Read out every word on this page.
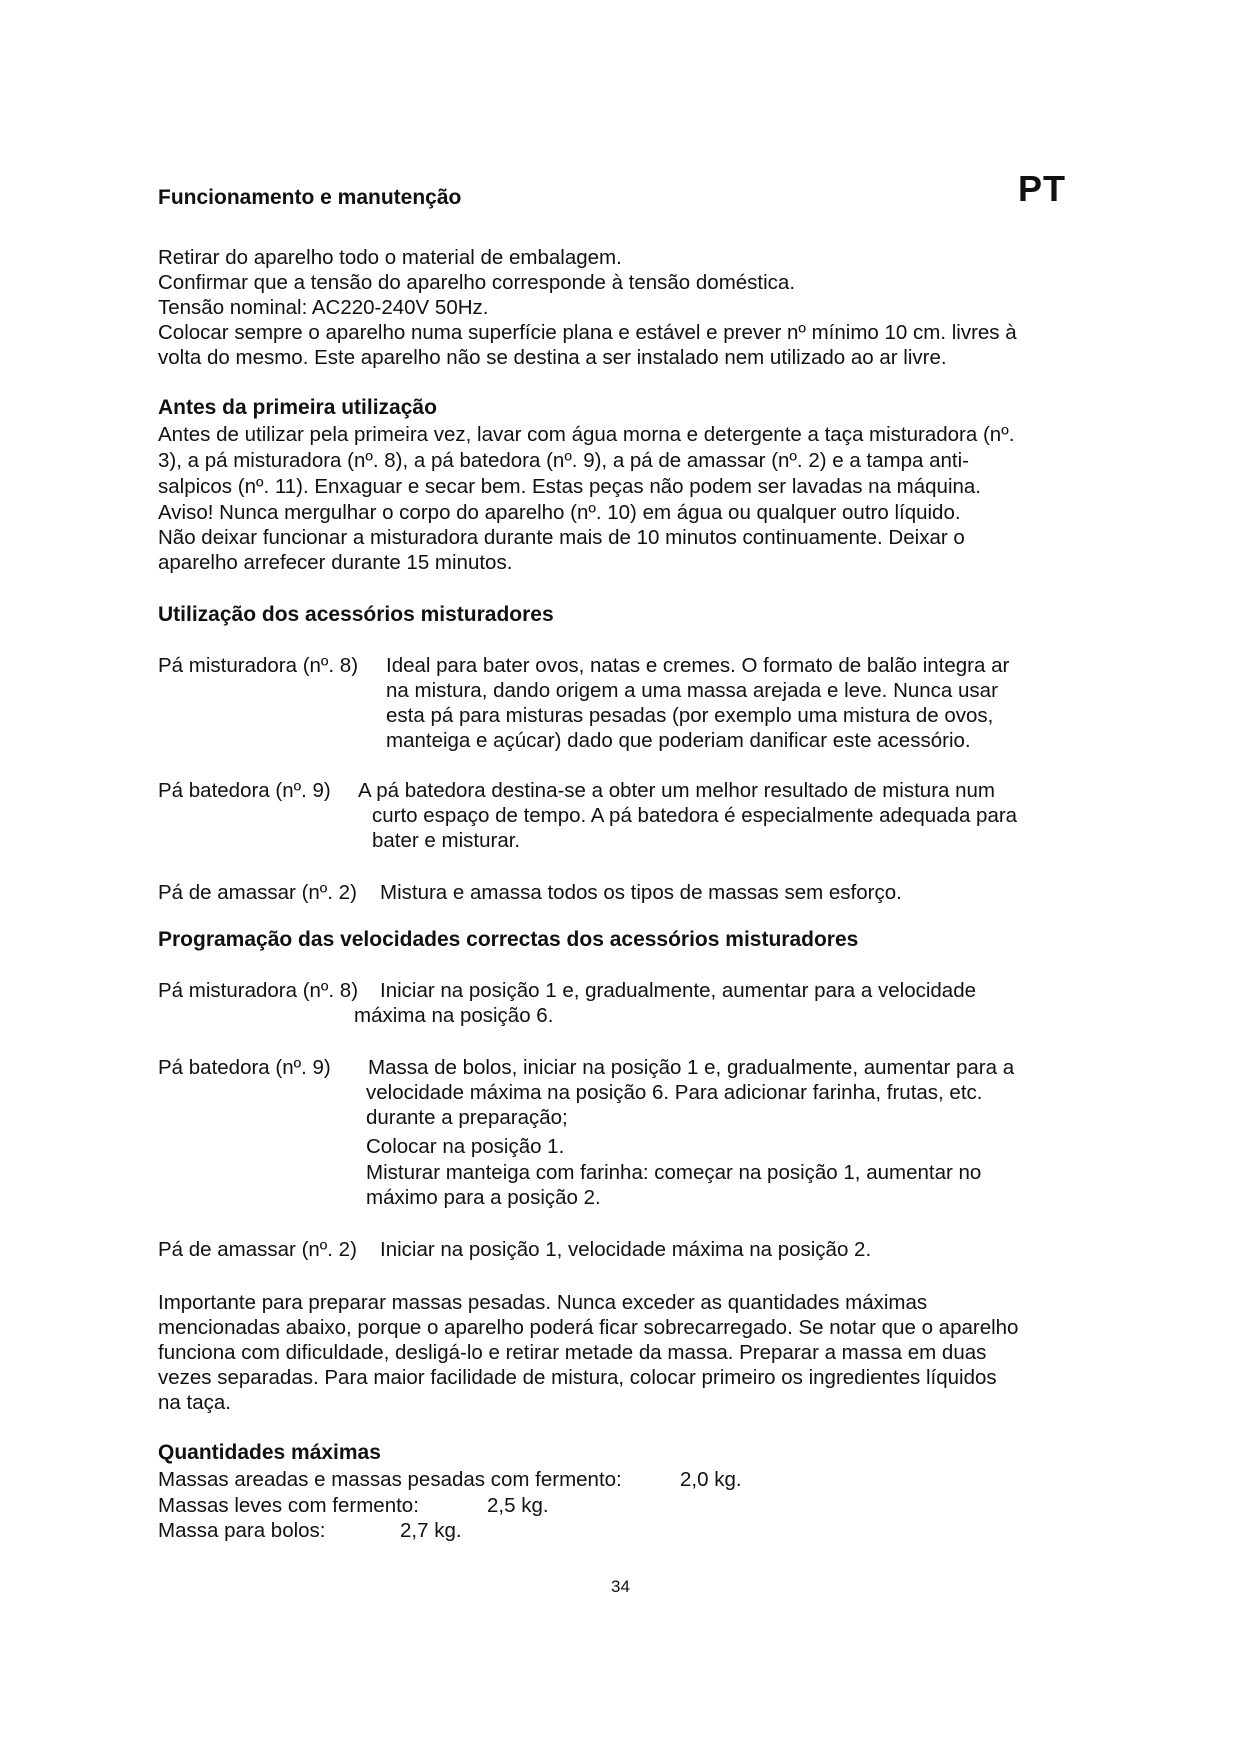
Funcionamento e manutenção	PT
Retirar do aparelho todo o material de embalagem.
Confirmar que a tensão do aparelho corresponde à tensão doméstica.
Tensão nominal: AC220-240V 50Hz.
Colocar sempre o aparelho numa superfície plana e estável e prever nº mínimo 10 cm. livres à
volta do mesmo. Este aparelho não se destina a ser instalado nem utilizado ao ar livre.
Antes da primeira utilização
Antes de utilizar pela primeira vez, lavar com água morna e detergente a taça misturadora (nº.
3), a pá misturadora (nº. 8), a pá batedora (nº. 9), a pá de amassar (nº. 2) e a tampa anti-
salpicos (nº. 11). Enxaguar e secar bem. Estas peças não podem ser lavadas na máquina.
Aviso! Nunca mergulhar o corpo do aparelho (nº. 10) em água ou qualquer outro líquido.
Não deixar funcionar a misturadora durante mais de 10 minutos continuamente. Deixar o
aparelho arrefecer durante 15 minutos.
Utilização dos acessórios misturadores
Pá misturadora (nº. 8) Ideal para bater ovos, natas e cremes. O formato de balão integra ar
na mistura, dando origem a uma massa arejada e leve. Nunca usar
esta pá para misturas pesadas (por exemplo uma mistura de ovos,
manteiga e açúcar) dado que poderiam danificar este acessório.
Pá batedora (nº. 9) A pá batedora destina-se a obter um melhor resultado de mistura num
curto espaço de tempo. A pá batedora é especialmente adequada para
bater e misturar.
Pá de amassar (nº. 2) Mistura e amassa todos os tipos de massas sem esforço.
Programação das velocidades correctas dos acessórios misturadores
Pá misturadora (nº. 8) Iniciar na posição 1 e, gradualmente, aumentar para a velocidade
máxima na posição 6.
Pá batedora (nº. 9) Massa de bolos, iniciar na posição 1 e, gradualmente, aumentar para a
velocidade máxima na posição 6. Para adicionar farinha, frutas, etc.
durante a preparação;
Colocar na posição 1.
Misturar manteiga com farinha: começar na posição 1, aumentar no
máximo para a posição 2.
Pá de amassar (nº. 2) Iniciar na posição 1, velocidade máxima na posição 2.
Importante para preparar massas pesadas. Nunca exceder as quantidades máximas
mencionadas abaixo, porque o aparelho poderá ficar sobrecarregado. Se notar que o aparelho
funciona com dificuldade, desligá-lo e retirar metade da massa. Preparar a massa em duas
vezes separadas. Para maior facilidade de mistura, colocar primeiro os ingredientes líquidos
na taça.
Quantidades máximas
Massas areadas e massas pesadas com fermento:	2,0 kg.
Massas leves com fermento:	2,5 kg.
Massa para bolos:	2,7 kg.
34
